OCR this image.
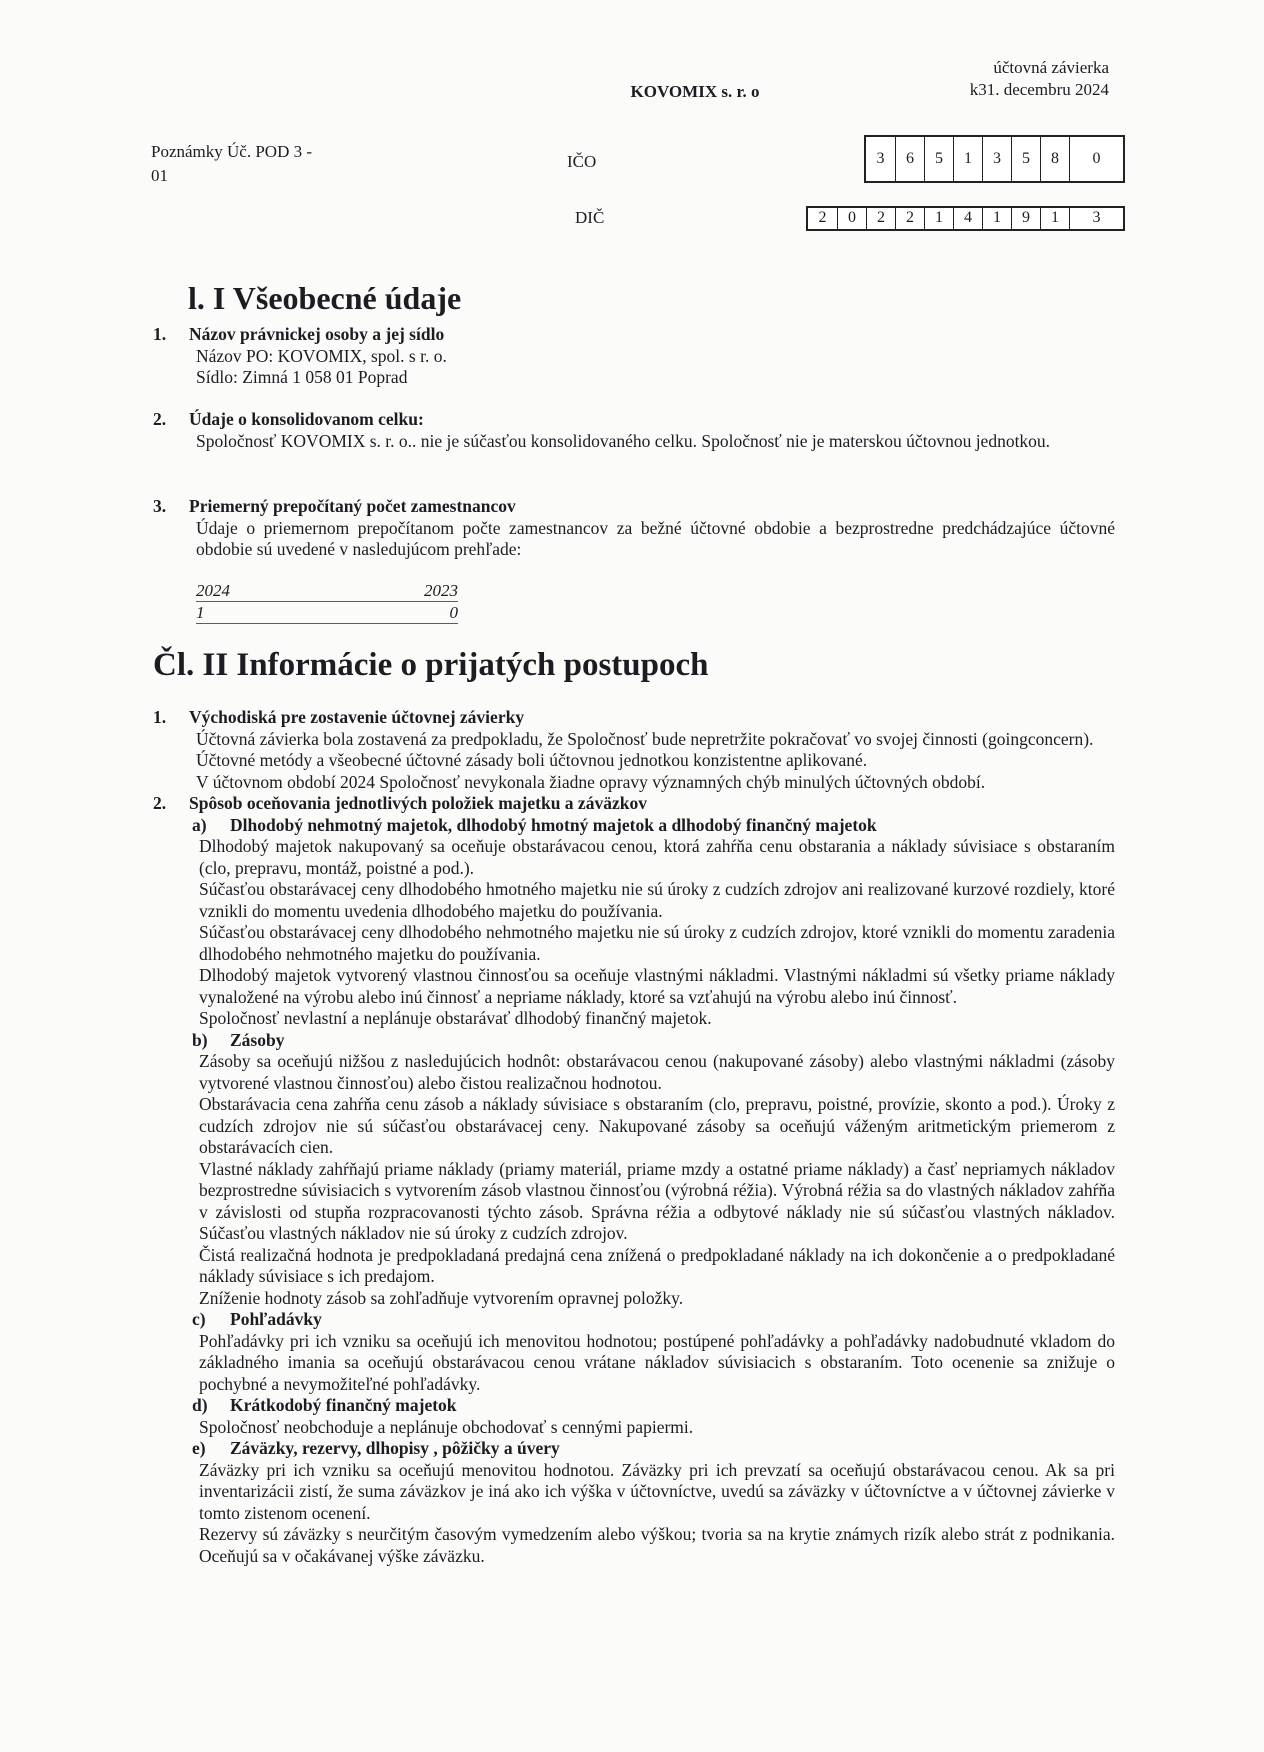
účtovná závierka
k31. decembru 2024
KOVOMIX s. r. o
Poznámky Úč. POD 3 -
01
IČO	3	6	5	1	3	5	8	0
DIČ	2	0	2	2	1	4	1	9	1	3
l. I Všeobecné údaje
1. Názov právnickej osoby a jej sídlo
Názov PO: KOVOMIX, spol. s r. o.
Sídlo: Zimná 1 058 01 Poprad
2. Údaje o konsolidovanom celku:
Spoločnosť KOVOMIX s. r. o.. nie je súčasťou konsolidovaného celku. Spoločnosť nie je materskou účtovnou jednotkou.
3. Priemerný prepočítaný počet zamestnancov
Údaje o priemernom prepočítanom počte zamestnancov za bežné účtovné obdobie a bezprostredne predchádzajúce účtovné obdobie sú uvedené v nasledujúcom prehľade:
2024	2023
1	0
Čl. II Informácie o prijatých postupoch
1. Východiská pre zostavenie účtovnej závierky
Účtovná závierka bola zostavená za predpokladu, že Spoločnosť bude nepretržite pokračovať vo svojej činnosti (goingconcern).
Účtovné metódy a všeobecné účtovné zásady boli účtovnou jednotkou konzistentne aplikované.
V účtovnom období 2024 Spoločnosť nevykonala žiadne opravy významných chýb minulých účtovných období.
2. Spôsob oceňovania jednotlivých položiek majetku a záväzkov
a) Dlhodobý nehmotný majetok, dlhodobý hmotný majetok a dlhodobý finančný majetok
Dlhodobý majetok nakupovaný sa oceňuje obstarávacou cenou, ktorá zahŕňa cenu obstarania a náklady súvisiace s obstaraním (clo, prepravu, montáž, poistné a pod.).
Súčasťou obstarávacej ceny dlhodobého hmotného majetku nie sú úroky z cudzích zdrojov ani realizované kurzové rozdiely, ktoré vznikli do momentu uvedenia dlhodobého majetku do používania.
Súčasťou obstarávacej ceny dlhodobého nehmotného majetku nie sú úroky z cudzích zdrojov, ktoré vznikli do momentu zaradenia dlhodobého nehmotného majetku do používania.
Dlhodobý majetok vytvorený vlastnou činnosťou sa oceňuje vlastnými nákladmi. Vlastnými nákladmi sú všetky priame náklady vynaložené na výrobu alebo inú činnosť a nepriame náklady, ktoré sa vzťahujú na výrobu alebo inú činnosť.
Spoločnosť nevlastní a neplánuje obstarávať dlhodobý finančný majetok.
b) Zásoby
Zásoby sa oceňujú nižšou z nasledujúcich hodnôt: obstarávacou cenou (nakupované zásoby) alebo vlastnými nákladmi (zásoby vytvorené vlastnou činnosťou) alebo čistou realizačnou hodnotou.
Obstarávacia cena zahŕňa cenu zásob a náklady súvisiace s obstaraním (clo, prepravu, poistné, provízie, skonto a pod.). Úroky z cudzích zdrojov nie sú súčasťou obstarávacej ceny. Nakupované zásoby sa oceňujú váženým aritmetickým priemerom z obstarávacích cien.
Vlastné náklady zahŕňajú priame náklady (priamy materiál, priame mzdy a ostatné priame náklady) a časť nepriamych nákladov bezprostredne súvisiacich s vytvorením zásob vlastnou činnosťou (výrobná réžia). Výrobná réžia sa do vlastných nákladov zahŕňa v závislosti od stupňa rozpracovanosti týchto zásob. Správna réžia a odbytové náklady nie sú súčasťou vlastných nákladov. Súčasťou vlastných nákladov nie sú úroky z cudzích zdrojov.
Čistá realizačná hodnota je predpokladaná predajná cena znížená o predpokladané náklady na ich dokončenie a o predpokladané náklady súvisiace s ich predajom.
Zníženie hodnoty zásob sa zohľadňuje vytvorením opravnej položky.
c) Pohľadávky
Pohľadávky pri ich vzniku sa oceňujú ich menovitou hodnotou; postúpené pohľadávky a pohľadávky nadobudnuté vkladom do základného imania sa oceňujú obstarávacou cenou vrátane nákladov súvisiacich s obstaraním. Toto ocenenie sa znižuje o pochybné a nevymožiteľné pohľadávky.
d) Krátkodobý finančný majetok
Spoločnosť neobchoduje a neplánuje obchodovať s cennými papiermi.
e) Záväzky, rezervy, dlhopisy , pôžičky a úvery
Záväzky pri ich vzniku sa oceňujú menovitou hodnotou. Záväzky pri ich prevzatí sa oceňujú obstarávacou cenou. Ak sa pri inventarizácii zistí, že suma záväzkov je iná ako ich výška v účtovníctve, uvedú sa záväzky v účtovníctve a v účtovnej závierke v tomto zistenom ocenení.
Rezervy sú záväzky s neurčitým časovým vymedzením alebo výškou; tvoria sa na krytie známych rizík alebo strát z podnikania. Oceňujú sa v očakávanej výške záväzku.
